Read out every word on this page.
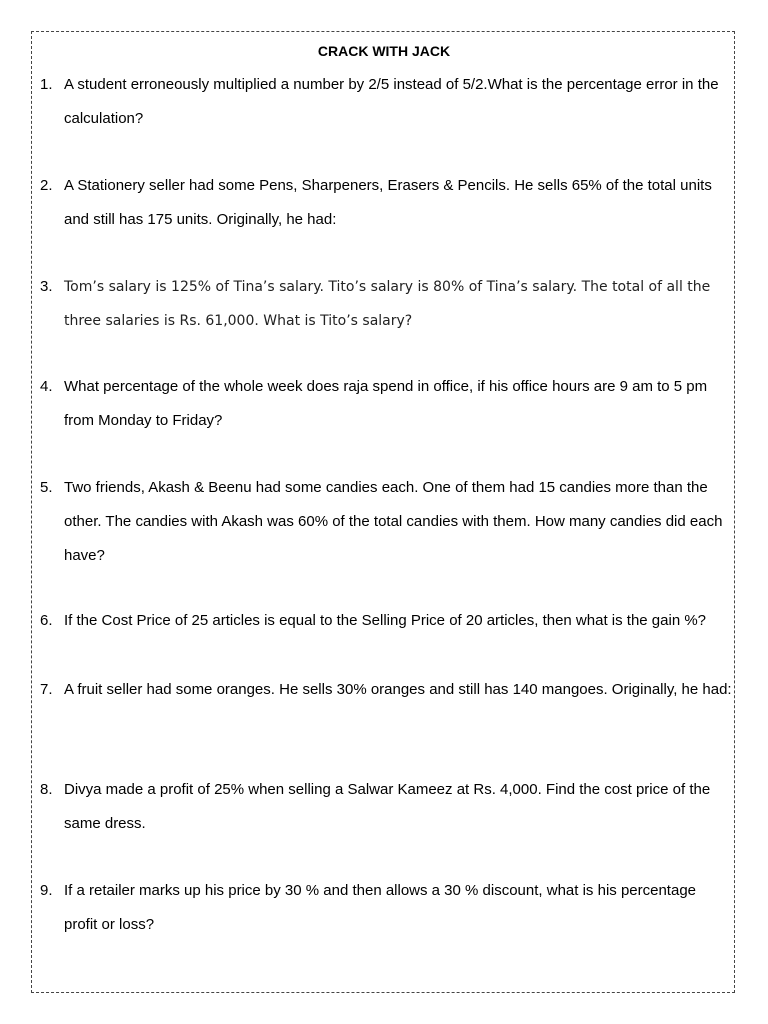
CRACK WITH JACK
1. A student erroneously multiplied a number by 2/5 instead of 5/2.What is the percentage error in the calculation?
2. A Stationery seller had some Pens, Sharpeners, Erasers & Pencils. He sells 65% of the total units and still has 175 units. Originally, he had:
3. Tom’s salary is 125% of Tina’s salary. Tito’s salary is 80% of Tina’s salary. The total of all the three salaries is Rs. 61,000. What is Tito’s salary?
4. What percentage of the whole week does raja spend in office, if his office hours are 9 am to 5 pm from Monday to Friday?
5. Two friends, Akash & Beenu had some candies each. One of them had 15 candies more than the other. The candies with Akash was 60% of the total candies with them. How many candies did each have?
6. If the Cost Price of 25 articles is equal to the Selling Price of 20 articles, then what is the gain %?
7. A fruit seller had some oranges. He sells 30% oranges and still has 140 mangoes. Originally, he had:
8. Divya made a profit of 25% when selling a Salwar Kameez at Rs. 4,000. Find the cost price of the same dress.
9. If a retailer marks up his price by 30 % and then allows a 30 % discount, what is his percentage profit or loss?
